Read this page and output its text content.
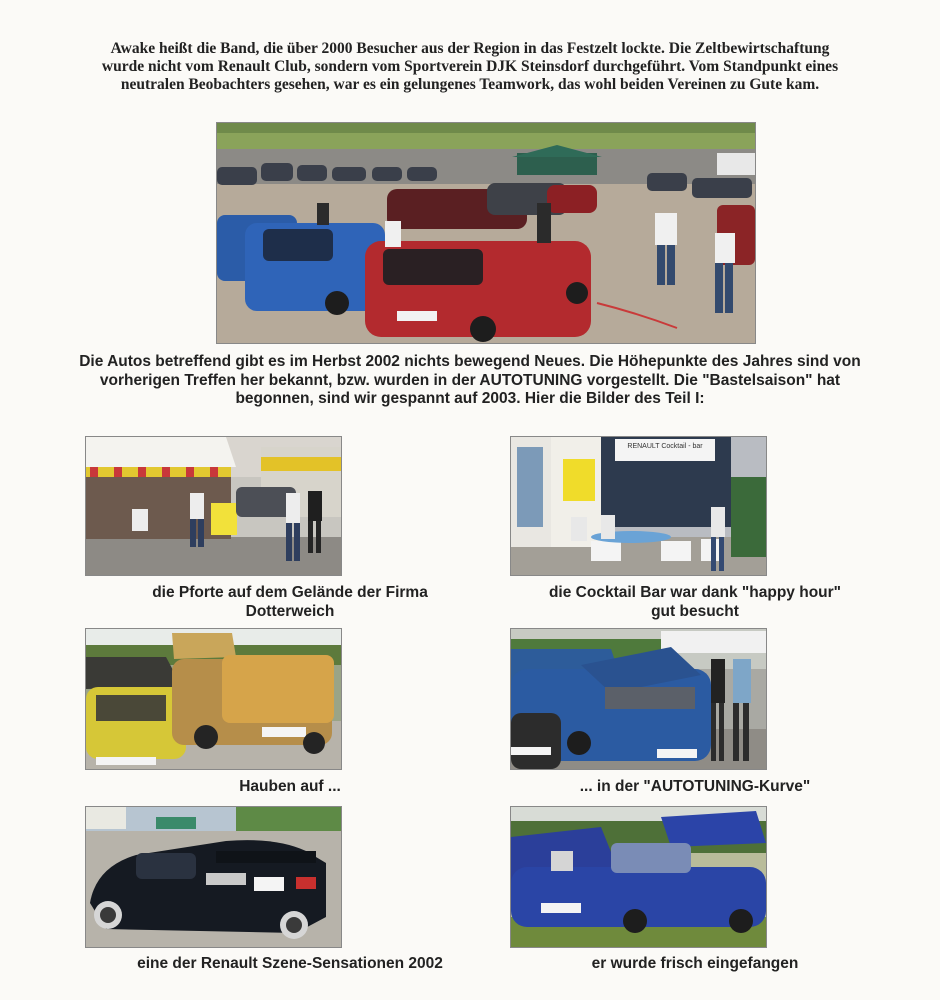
Awake heißt die Band, die über 2000 Besucher aus der Region in das Festzelt lockte. Die Zeltbewirtschaftung wurde nicht vom Renault Club, sondern vom Sportverein DJK Steinsdorf durchgeführt. Vom Standpunkt eines neutralen Beobachters gesehen, war es ein gelungenes Teamwork, das wohl beiden Vereinen zu Gute kam.
Die Autos betreffend gibt es im Herbst 2002 nichts bewegend Neues. Die Höhepunkte des Jahres sind von vorherigen Treffen her bekannt, bzw. wurden in der AUTOTUNING vorgestellt. Die "Bastelsaison" hat begonnen, sind wir gespannt auf 2003. Hier die Bilder des Teil I:
RENAULT Cocktail - bar
die Pforte auf dem Gelände der Firma
Dotterweich
die Cocktail Bar war dank "happy hour"
gut besucht
Hauben auf ...	... in der "AUTOTUNING-Kurve"
eine der Renault Szene-Sensationen 2002	er wurde frisch eingefangen
